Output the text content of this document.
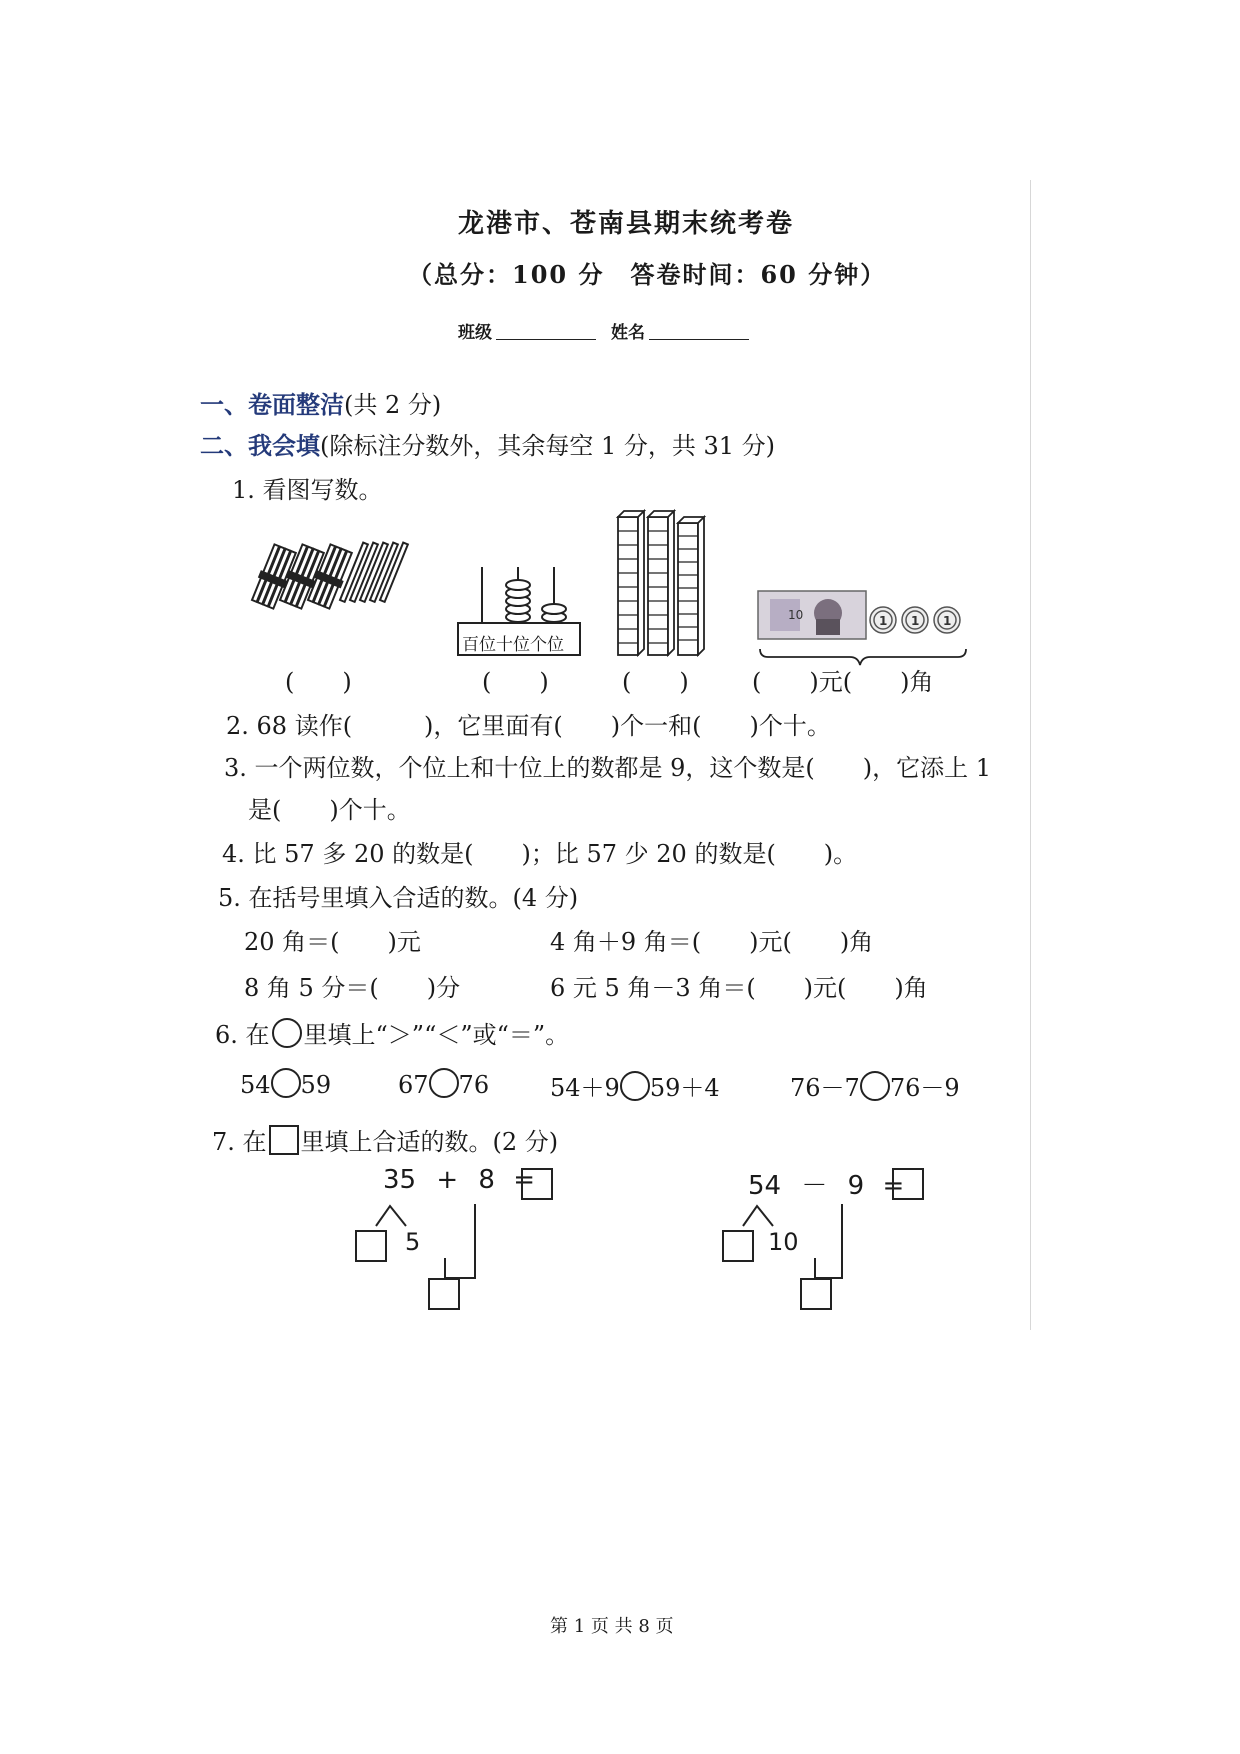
龙港市、苍南县期末统考卷
（总分：100 分　答卷时间：60 分钟）
班级	姓名
一、卷面整洁(共 2 分)
二、我会填(除标注分数外，其余每空 1 分，共 31 分)
1. 看图写数。
10	1 1 1
百位十位个位
(　　)	(　　)	(　　)	(　　)元(　　)角
2. 68 读作(　　　)，它里面有(　　)个一和(　　)个十。
3. 一个两位数，个位上和十位上的数都是 9，这个数是(　　)，它添上 1
是(　　)个十。
4. 比 57 多 20 的数是(　　)；比 57 少 20 的数是(　　)。
5. 在括号里填入合适的数。(4 分)
20 角＝(　　)元	4 角＋9 角＝(　　)元(　　)角
8 角 5 分＝(　　)分	6 元 5 角－3 角＝(　　)元(　　)角
6. 在 里填上“＞”“＜”或“＝”。
54 59	67 76	54＋9 59＋4	76－7 76－9
7. 在 里填上合适的数。(2 分)
35 + 8 =
5
54 － 9 =
10
第 1 页 共 8 页
